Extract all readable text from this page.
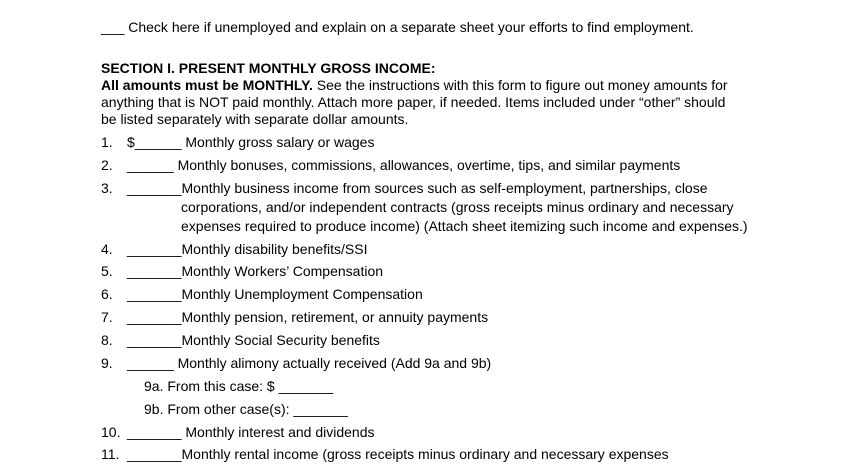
___ Check here if unemployed and explain on a separate sheet your efforts to find employment.
SECTION I. PRESENT MONTHLY GROSS INCOME:
All amounts must be MONTHLY. See the instructions with this form to figure out money amounts for
anything that is NOT paid monthly. Attach more paper, if needed. Items included under “other” should
be listed separately with separate dollar amounts.
1. $______ Monthly gross salary or wages
2. ______ Monthly bonuses, commissions, allowances, overtime, tips, and similar payments
3. _______Monthly business income from sources such as self-employment, partnerships, close
corporations, and/or independent contracts (gross receipts minus ordinary and necessary
expenses required to produce income) (Attach sheet itemizing such income and expenses.)
4. _______Monthly disability benefits/SSI
5. _______Monthly Workers’ Compensation
6. _______Monthly Unemployment Compensation
7. _______Monthly pension, retirement, or annuity payments
8. _______Monthly Social Security benefits
9. ______ Monthly alimony actually received (Add 9a and 9b)
9a. From this case: $ _______
9b. From other case(s): _______
10. _______ Monthly interest and dividends
11. _______Monthly rental income (gross receipts minus ordinary and necessary expenses
